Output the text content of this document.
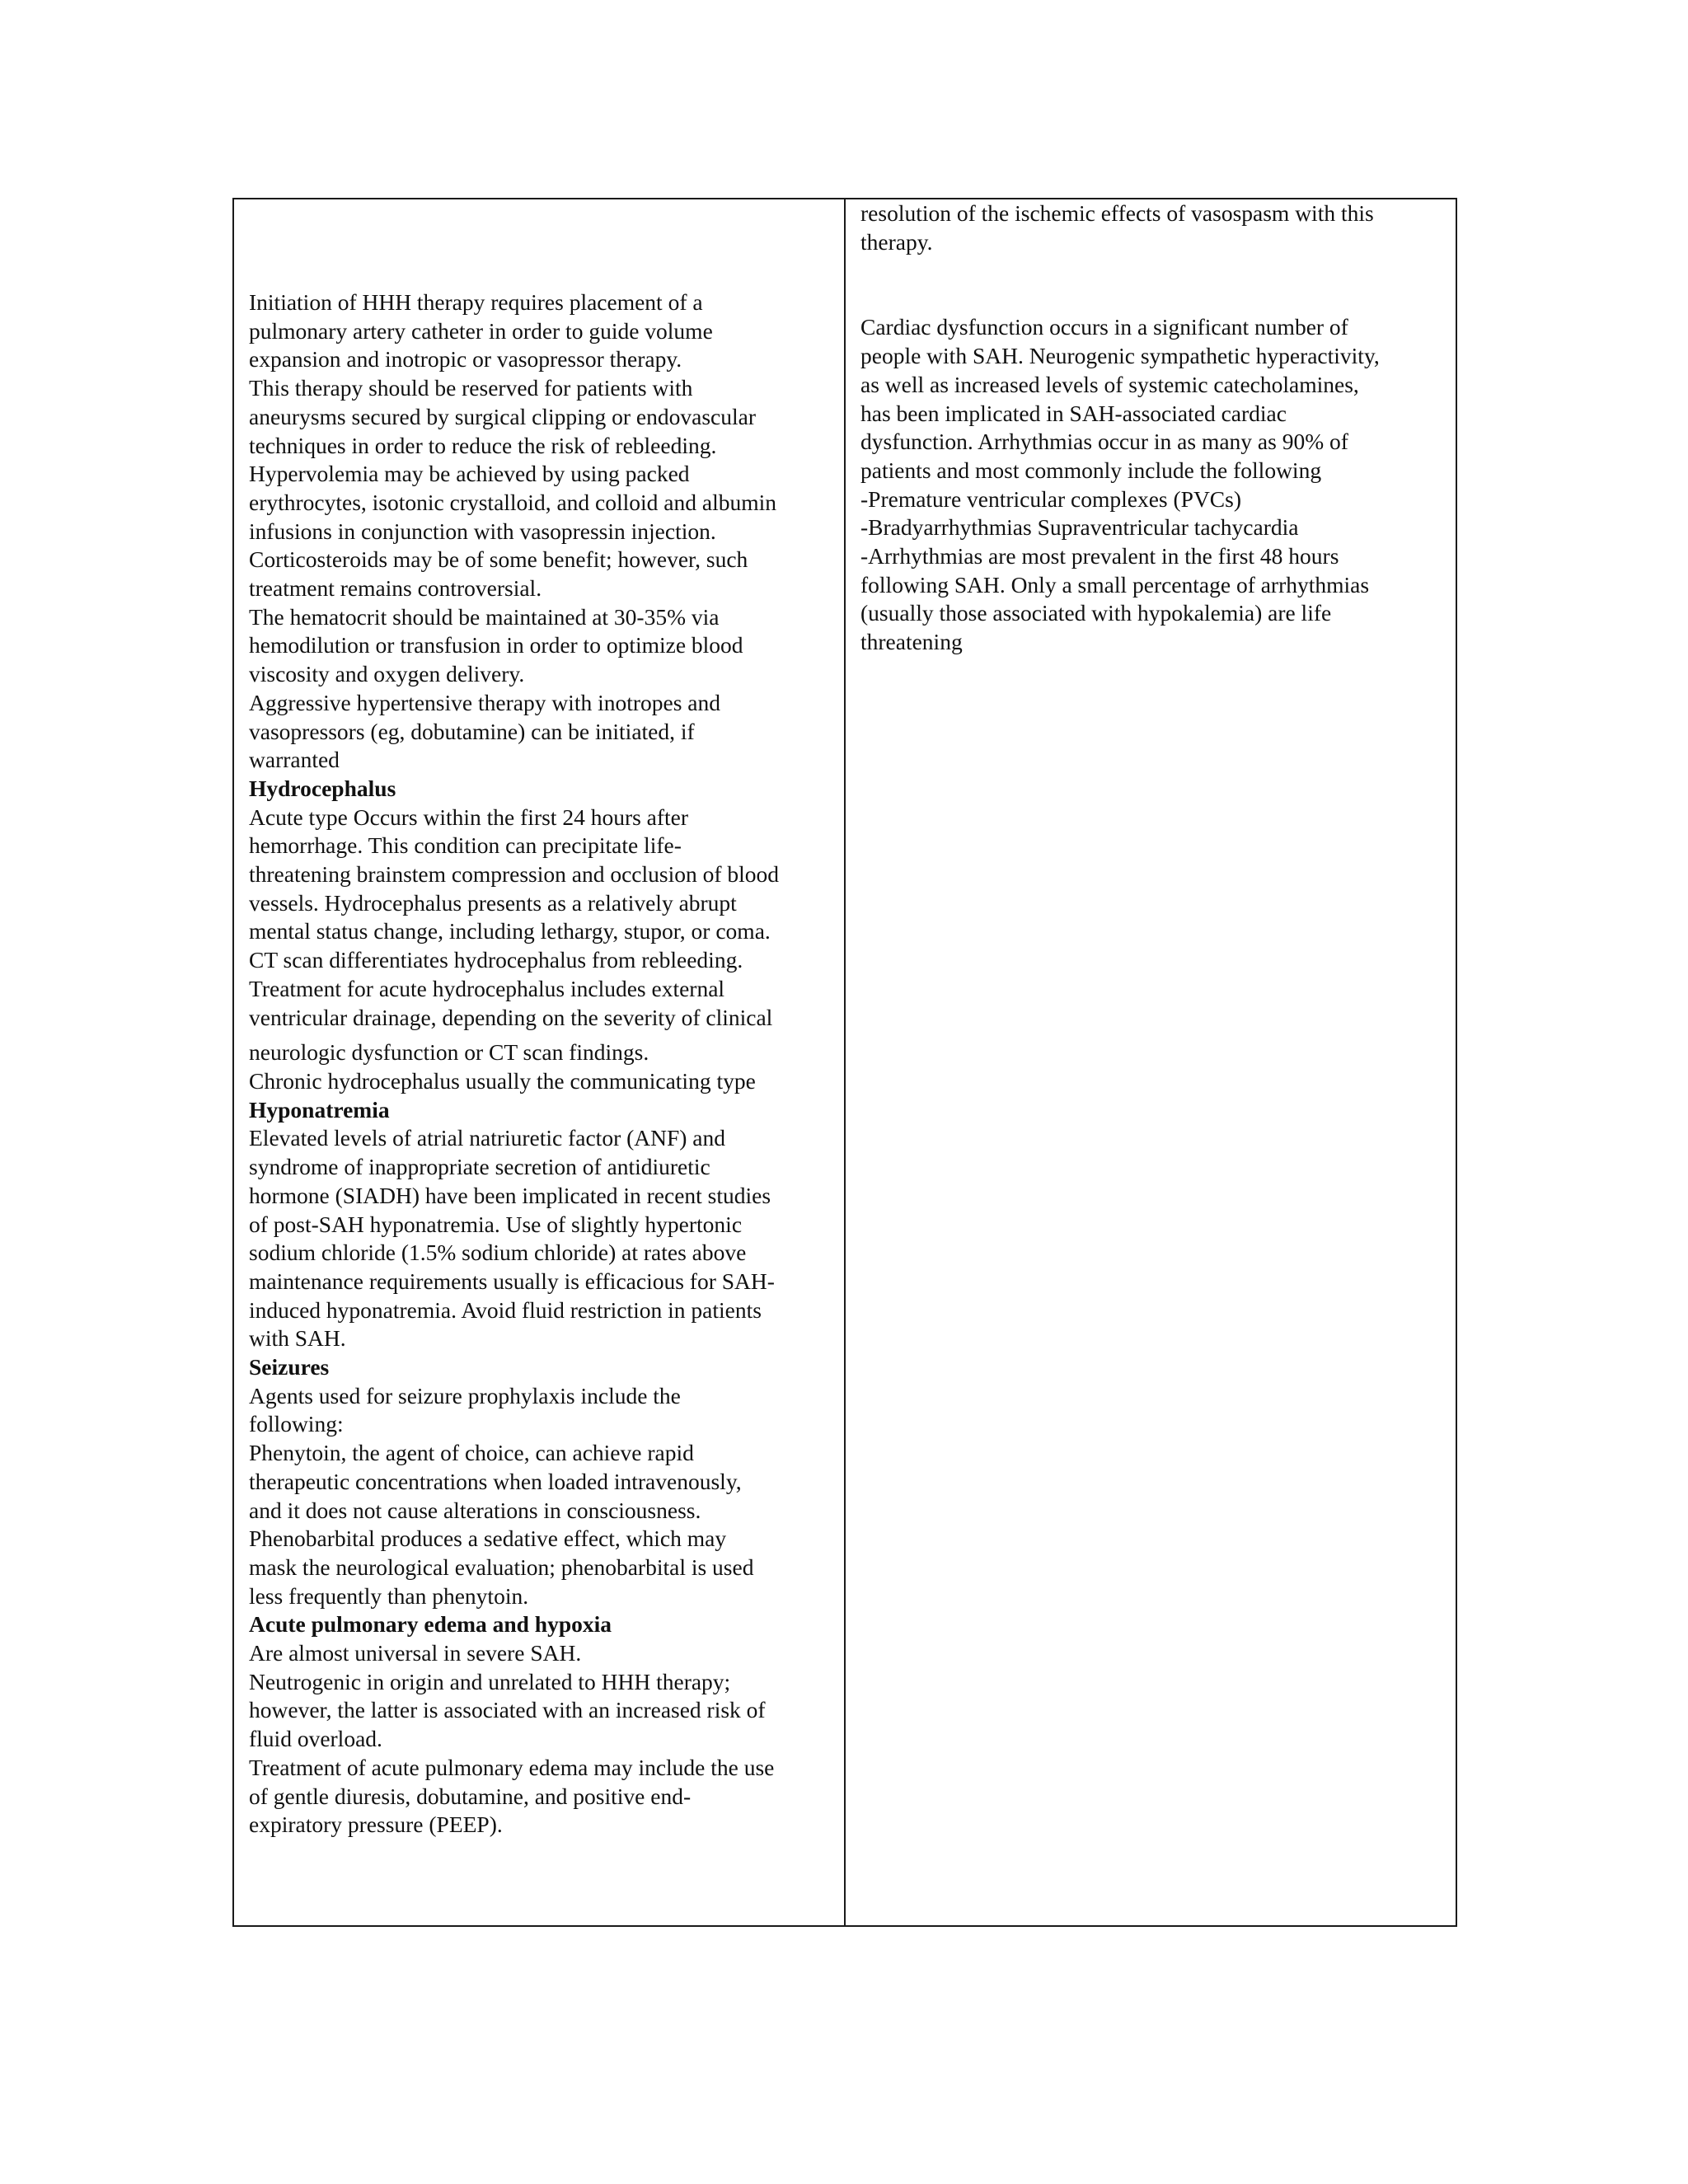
Initiation of HHH therapy requires placement of a
pulmonary artery catheter in order to guide volume
expansion and inotropic or vasopressor therapy.
This therapy should be reserved for patients with
aneurysms secured by surgical clipping or endovascular
techniques in order to reduce the risk of rebleeding.
Hypervolemia may be achieved by using packed
erythrocytes, isotonic crystalloid, and colloid and albumin
infusions in conjunction with vasopressin injection.
Corticosteroids may be of some benefit; however, such
treatment remains controversial.
The hematocrit should be maintained at 30-35% via
hemodilution or transfusion in order to optimize blood
viscosity and oxygen delivery.
Aggressive hypertensive therapy with inotropes and
vasopressors (eg, dobutamine) can be initiated, if
warranted
Hydrocephalus
Acute type Occurs within the first 24 hours after
hemorrhage. This condition can precipitate life-
threatening brainstem compression and occlusion of blood
vessels. Hydrocephalus presents as a relatively abrupt
mental status change, including lethargy, stupor, or coma.
CT scan differentiates hydrocephalus from rebleeding.
Treatment for acute hydrocephalus includes external
ventricular drainage, depending on the severity of clinical
neurologic dysfunction or CT scan findings.
Chronic hydrocephalus usually the communicating type
Hyponatremia
Elevated levels of atrial natriuretic factor (ANF) and
syndrome of inappropriate secretion of antidiuretic
hormone (SIADH) have been implicated in recent studies
of post-SAH hyponatremia. Use of slightly hypertonic
sodium chloride (1.5% sodium chloride) at rates above
maintenance requirements usually is efficacious for SAH-
induced hyponatremia. Avoid fluid restriction in patients
with SAH.
Seizures
Agents used for seizure prophylaxis include the
following:
Phenytoin, the agent of choice, can achieve rapid
therapeutic concentrations when loaded intravenously,
and it does not cause alterations in consciousness.
Phenobarbital produces a sedative effect, which may
mask the neurological evaluation; phenobarbital is used
less frequently than phenytoin.
Acute pulmonary edema and hypoxia
Are almost universal in severe SAH.
Neutrogenic in origin and unrelated to HHH therapy;
however, the latter is associated with an increased risk of
fluid overload.
Treatment of acute pulmonary edema may include the use
of gentle diuresis, dobutamine, and positive end-
expiratory pressure (PEEP).
resolution of the ischemic effects of vasospasm with this
therapy.
Cardiac dysfunction occurs in a significant number of
people with SAH. Neurogenic sympathetic hyperactivity,
as well as increased levels of systemic catecholamines,
has been implicated in SAH-associated cardiac
dysfunction. Arrhythmias occur in as many as 90% of
patients and most commonly include the following
-Premature ventricular complexes (PVCs)
-Bradyarrhythmias Supraventricular tachycardia
-Arrhythmias are most prevalent in the first 48 hours
following SAH. Only a small percentage of arrhythmias
(usually those associated with hypokalemia) are life
threatening
